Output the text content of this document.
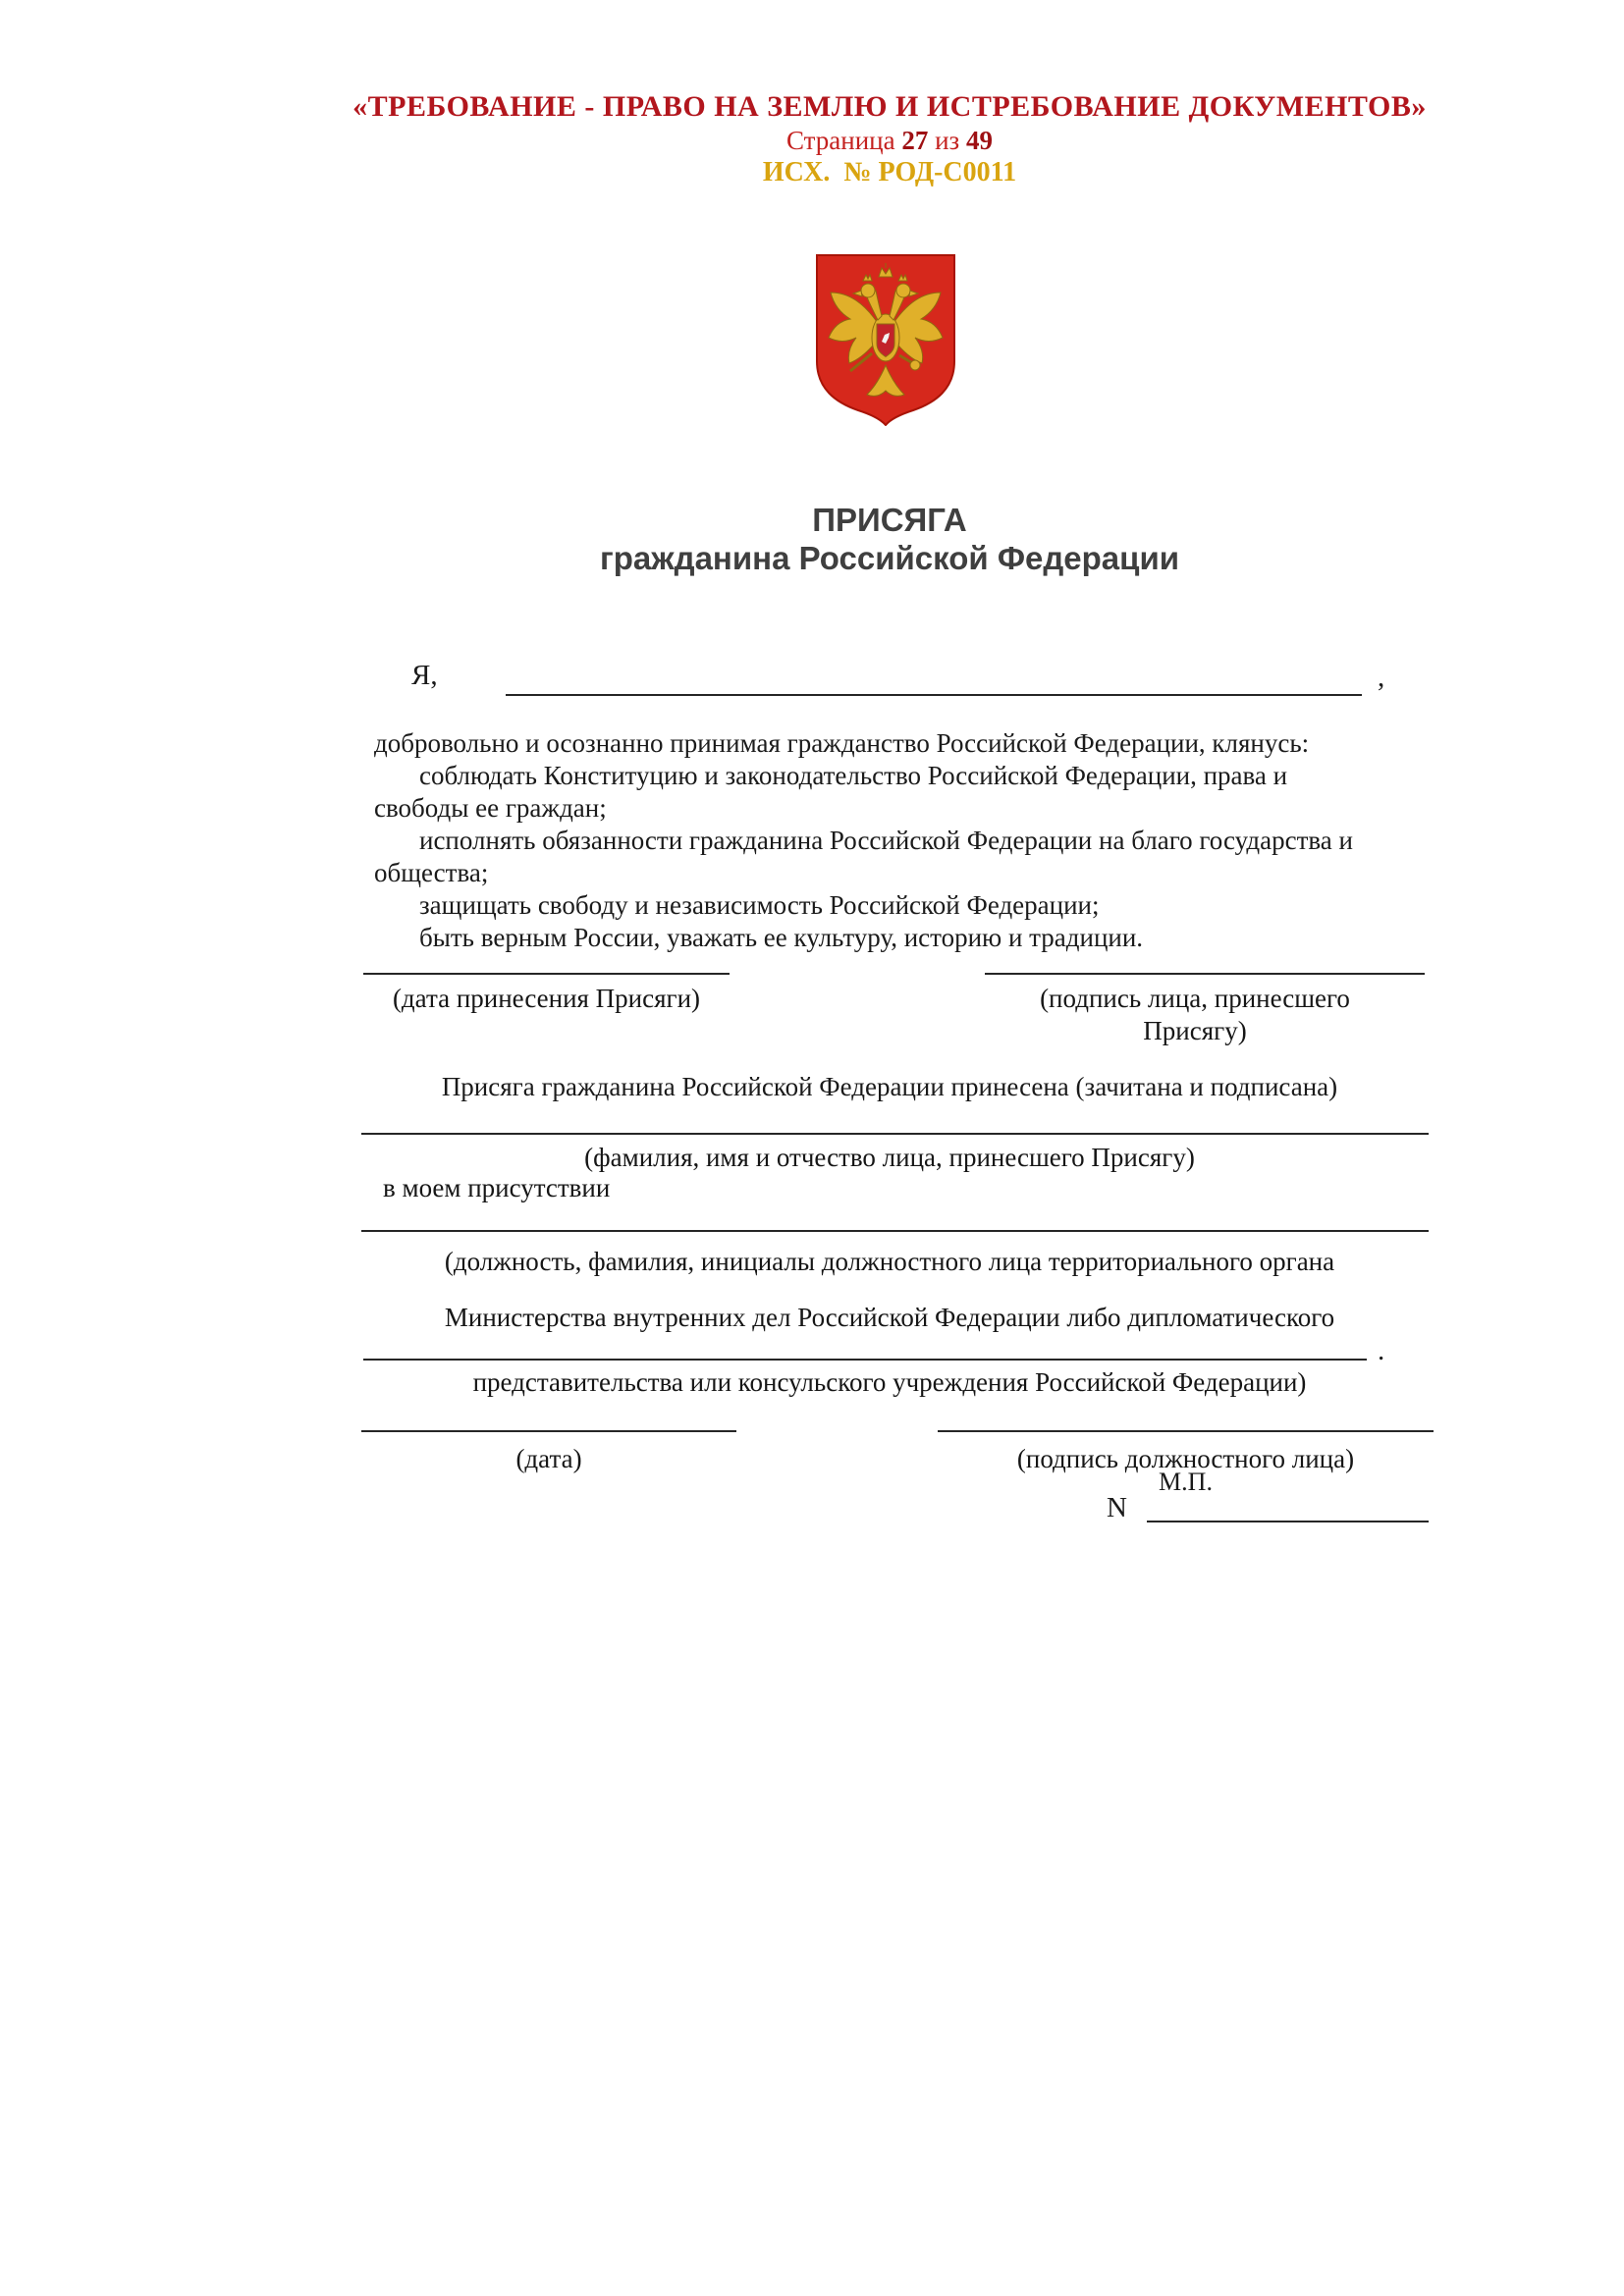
«ТРЕБОВАНИЕ - ПРАВО НА ЗЕМЛЮ И ИСТРЕБОВАНИЕ ДОКУМЕНТОВ»
Страница 27 из 49
ИСХ.  № РОД-С0011
ПРИСЯГА
гражданина Российской Федерации
Я,	,
добровольно и осознанно принимая гражданство Российской Федерации, клянусь:
соблюдать Конституцию и законодательство Российской Федерации, права и
свободы ее граждан;
исполнять обязанности гражданина Российской Федерации на благо государства и
общества;
защищать свободу и независимость Российской Федерации;
быть верным России, уважать ее культуру, историю и традиции.
(дата принесения Присяги)	(подпись лица, принесшего
Присягу)
Присяга гражданина Российской Федерации принесена (зачитана и подписана)
(фамилия, имя и отчество лица, принесшего Присягу)
в моем присутствии
(должность, фамилия, инициалы должностного лица территориального органа
Министерства внутренних дел Российской Федерации либо дипломатического
.
представительства или консульского учреждения Российской Федерации)
(дата)	(подпись должностного лица)
М.П.
N
